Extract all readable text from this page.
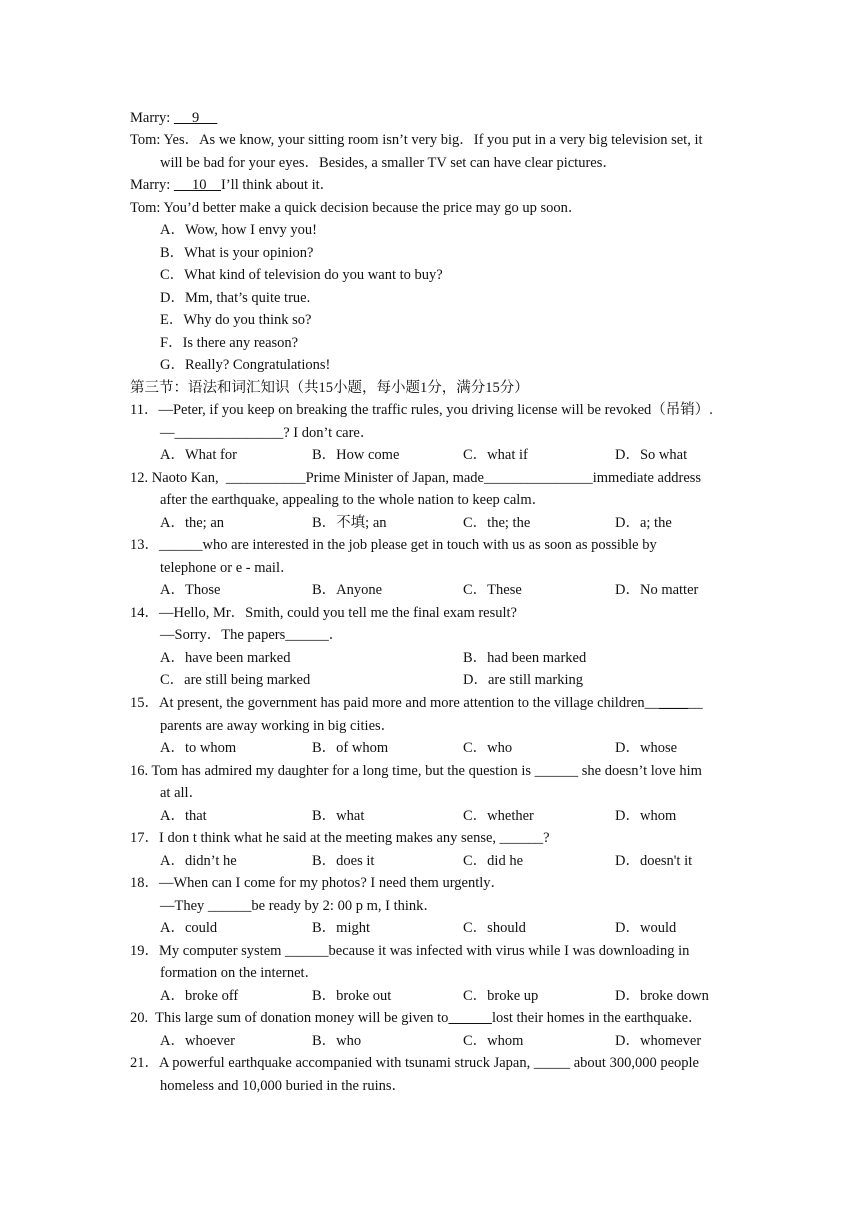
Marry:      9
Tom: Yes．As we know, your sitting room isn’t very big．If you put in a very big television set, it
will be bad for your eyes．Besides, a smaller TV set can have clear pictures．
Marry:      10    I’ll think about it．
Tom: You’d better make a quick decision because the price may go up soon．
A．Wow, how I envy you!
B．What is your opinion?
C．What kind of television do you want to buy?
D．Mm, that’s quite true.
E．Why do you think so?
F．Is there any reason?
G．Really? Congratulations!
第三节：语法和词汇知识（共15小题，每小题1分，满分15分）
11．—Peter, if you keep on breaking the traffic rules, you driving license will be revoked（吊销）.
—_______________? I don’t care．
A．What for	B．How come	C．what if	D．So what
12. Naoto Kan,  ___________Prime Minister of Japan, made_______________immediate address
after the earthquake, appealing to the whole nation to keep calm．
A．the; an	B．不填; an	C．the; the	D．a; the
13．______who are interested in the job please get in touch with us as soon as possible by
telephone or e - mail．
A．Those	B．Anyone	C．These	D．No matter
14．—Hello, Mr．Smith, could you tell me the final exam result?
—Sorry．The papers______．
A．have been marked	B．had been marked
C．are still being marked	D．are still marking
15．At present, the government has paid more and more attention to the village children________
parents are away working in big cities．
A．to whom	B．of whom	C．who	D．whose
16. Tom has admired my daughter for a long time, but the question is ______ she doesn’t love him
at all．
A．that	B．what	C．whether	D．whom
17．I don t think what he said at the meeting makes any sense, ______?
A．didn’t he	B．does it	C．did he	D．doesn't it
18．—When can I come for my photos? I need them urgently．
—They ______be ready by 2: 00 p m, I think．
A．could	B．might	C．should	D．would
19．My computer system ______because it was infected with virus while I was downloading in
formation on the internet．
A．broke off	B．broke out	C．broke up	D．broke down
20.  This large sum of donation money will be given to	lost their homes in the earthquake．
A．whoever	B．who	C．whom	D．whomever
21．A powerful earthquake accompanied with tsunami struck Japan, _____ about 300,000 people
homeless and 10,000 buried in the ruins．
